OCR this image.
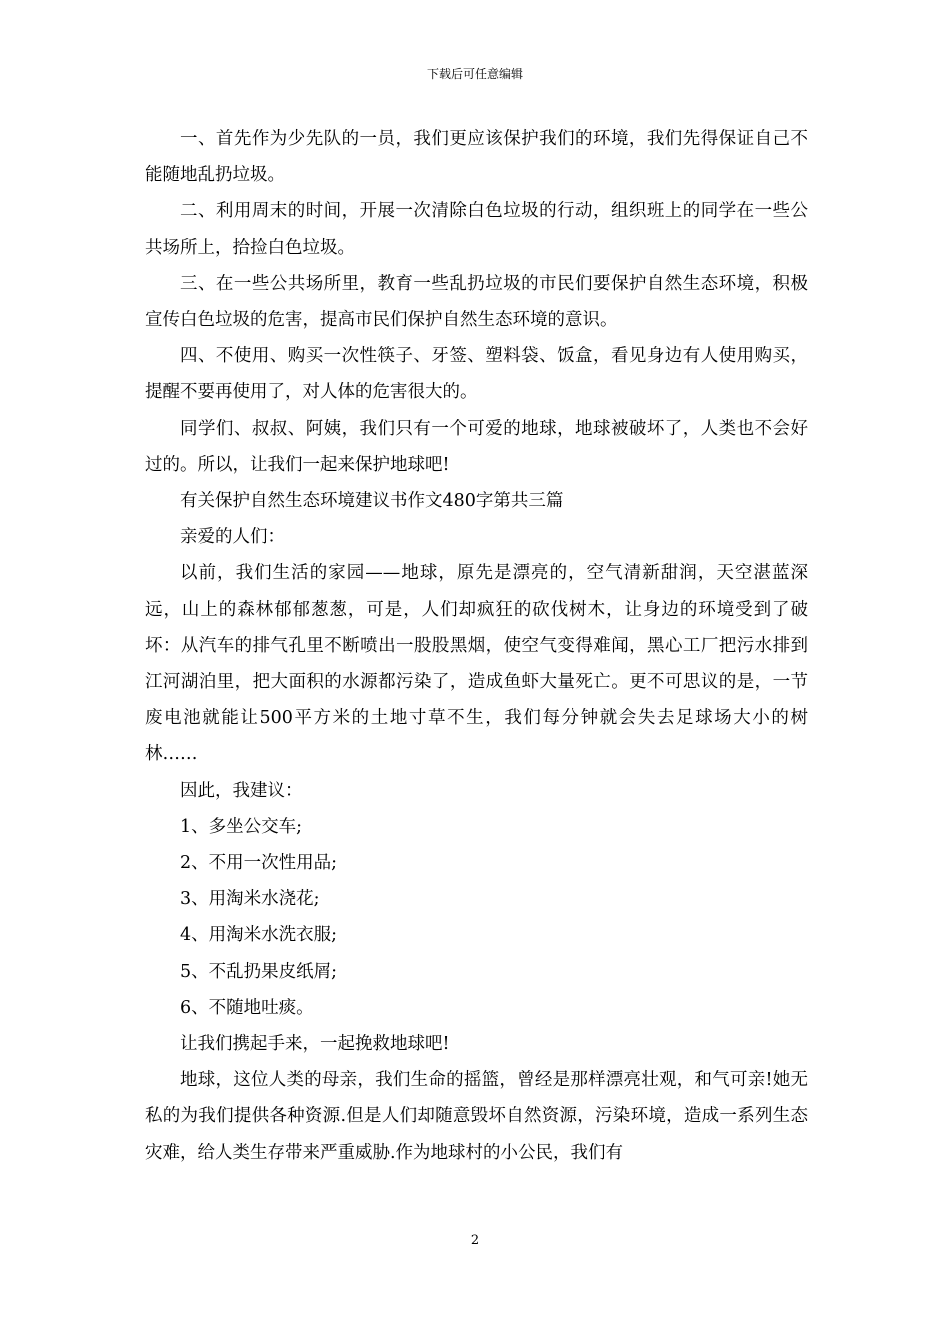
下载后可任意编辑

一、首先作为少先队的一员，我们更应该保护我们的环境，我们先得保证自己不能随地乱扔垃圾。

二、利用周末的时间，开展一次清除白色垃圾的行动，组织班上的同学在一些公共场所上，拾捡白色垃圾。

三、在一些公共场所里，教育一些乱扔垃圾的市民们要保护自然生态环境，积极宣传白色垃圾的危害，提高市民们保护自然生态环境的意识。

四、不使用、购买一次性筷子、牙签、塑料袋、饭盒，看见身边有人使用购买，提醒不要再使用了，对人体的危害很大的。

同学们、叔叔、阿姨，我们只有一个可爱的地球，地球被破坏了，人类也不会好过的。所以，让我们一起来保护地球吧!

有关保护自然生态环境建议书作文480字第共三篇

亲爱的人们：

以前，我们生活的家园——地球，原先是漂亮的，空气清新甜润，天空湛蓝深远，山上的森林郁郁葱葱，可是，人们却疯狂的砍伐树木，让身边的环境受到了破坏：从汽车的排气孔里不断喷出一股股黑烟，使空气变得难闻，黑心工厂把污水排到江河湖泊里，把大面积的水源都污染了，造成鱼虾大量死亡。更不可思议的是，一节废电池就能让500平方米的土地寸草不生，我们每分钟就会失去足球场大小的树林……

因此，我建议：

1、多坐公交车;

2、不用一次性用品;

3、用淘米水浇花;

4、用淘米水洗衣服;

5、不乱扔果皮纸屑;

6、不随地吐痰。

让我们携起手来，一起挽救地球吧!

地球，这位人类的母亲，我们生命的摇篮，曾经是那样漂亮壮观，和气可亲!她无私的为我们提供各种资源.但是人们却随意毁坏自然资源，污染环境，造成一系列生态灾难，给人类生存带来严重威胁.作为地球村的小公民，我们有

2
